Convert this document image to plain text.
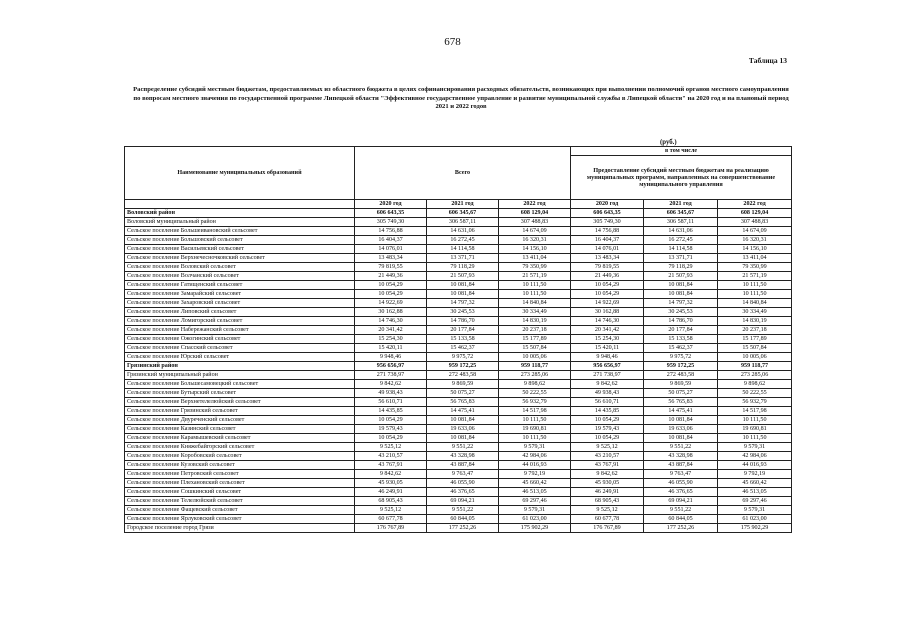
678
Таблица 13
Распределение субсидий местным бюджетам, предоставляемых из областного бюджета в целях софинансирования расходных обязательств, возникающих при выполнении полномочий органов местного самоуправления по вопросам местного значения по государственной программе Липецкой области "Эффективное государственное управление и развитие муниципальной службы в Липецкой области" на 2020 год и на плановый период 2021 и 2022 годов
(руб.)
Наименование муниципальных образований	Всего			в том числе		
				Предоставление субсидий местным бюджетам на реализацию муниципальных программ, направленных на совершенствование муниципального управления		

	2020 год	2021 год	2022 год	2020 год	2021 год	2022 год
Воловский район	606 643,35	606 345,67	608 129,04	606 643,35	606 345,67	608 129,04
Воловский муниципальный район	305 749,30	306 587,11	307 488,83	305 749,30	306 587,11	307 488,83
Сельское поселение Большеивановский сельсовет	14 756,88	14 631,06	14 674,09	14 756,88	14 631,06	14 674,09
Сельское поселение Большовский сельсовет	16 404,37	16 272,45	16 320,31	16 404,37	16 272,45	16 320,31
Сельское поселение Васильевский сельсовет	14 076,01	14 114,58	14 156,10	14 076,01	14 114,58	14 156,10
Сельское поселение Верхнечесночковский сельсовет	13 483,34	13 371,71	13 411,04	13 483,34	13 371,71	13 411,04
Сельское поселение Воловский сельсовет	79 819,55	79 118,29	79 350,99	79 819,55	79 118,29	79 350,99
Сельское поселение Волчанский сельсовет	21 449,36	21 507,93	21 571,19	21 449,36	21 507,93	21 571,19
Сельское поселение Гатищенский сельсовет	10 054,29	10 081,84	10 111,50	10 054,29	10 081,84	10 111,50
Сельское поселение Замарайский сельсовет	10 054,29	10 081,84	10 111,50	10 054,29	10 081,84	10 111,50
Сельское поселение Захаровский сельсовет	14 922,69	14 797,32	14 840,84	14 922,69	14 797,32	14 840,84
Сельское поселение Липовский сельсовет	30 162,88	30 245,53	30 334,49	30 162,88	30 245,53	30 334,49
Сельское поселение Ломигорский сельсовет	14 746,30	14 786,70	14 830,19	14 746,30	14 786,70	14 830,19
Сельское поселение Набережанский сельсовет	20 341,42	20 177,84	20 237,18	20 341,42	20 177,84	20 237,18
Сельское поселение Ожогинский сельсовет	15 254,30	15 133,58	15 177,89	15 254,30	15 133,58	15 177,89
Сельское поселение Спасский сельсовет	15 420,11	15 462,37	15 507,84	15 420,11	15 462,37	15 507,84
Сельское поселение Юрский сельсовет	9 948,46	9 975,72	10 005,06	9 948,46	9 975,72	10 005,06
Грязинский район	956 656,97	959 172,25	959 118,77	956 656,97	959 172,25	959 118,77
Грязинский муниципальный район	271 738,97	272 483,58	273 285,06	271 738,97	272 483,58	273 285,06
Сельское поселение Большесамовецкий сельсовет	9 842,62	9 869,59	9 898,62	9 842,62	9 869,59	9 898,62
Сельское поселение Бутырский сельсовет	49 938,43	50 075,27	50 222,55	49 938,43	50 075,27	50 222,55
Сельское поселение Верхнетелелюйский сельсовет	56 610,71	56 765,83	56 932,79	56 610,71	56 765,83	56 932,79
Сельское поселение Грязинский сельсовет	14 435,85	14 475,41	14 517,98	14 435,85	14 475,41	14 517,98
Сельское поселение Двуреченский сельсовет	10 054,29	10 081,84	10 111,50	10 054,29	10 081,84	10 111,50
Сельское поселение Казинский сельсовет	19 579,43	19 633,06	19 690,81	19 579,43	19 633,06	19 690,81
Сельское поселение Карамышевский сельсовет	10 054,29	10 081,84	10 111,50	10 054,29	10 081,84	10 111,50
Сельское поселение Княжебайгорский сельсовет	9 525,12	9 551,22	9 579,31	9 525,12	9 551,22	9 579,31
Сельское поселение Коробовский сельсовет	43 210,57	43 328,98	42 984,06	43 210,57	43 328,98	42 984,06
Сельское поселение Кузовский сельсовет	43 767,91	43 887,84	44 016,93	43 767,91	43 887,84	44 016,93
Сельское поселение Петровский сельсовет	9 842,62	9 763,47	9 792,19	9 842,62	9 763,47	9 792,19
Сельское поселение Плехановский сельсовет	45 930,05	46 055,90	45 660,42	45 930,05	46 055,90	45 660,42
Сельское поселение Сошкинский сельсовет	46 249,91	46 376,65	46 513,05	46 249,91	46 376,65	46 513,05
Сельское поселение Телелюйский сельсовет	68 905,43	69 094,21	69 297,46	68 905,43	69 094,21	69 297,46
Сельское поселение Фащевский сельсовет	9 525,12	9 551,22	9 579,31	9 525,12	9 551,22	9 579,31
Сельское поселение Ярлуковский сельсовет	60 677,78	60 844,05	61 023,00	60 677,78	60 844,05	61 023,00
Городское поселение город Грязи	176 767,89	177 252,26	175 902,29	176 767,89	177 252,26	175 902,29
